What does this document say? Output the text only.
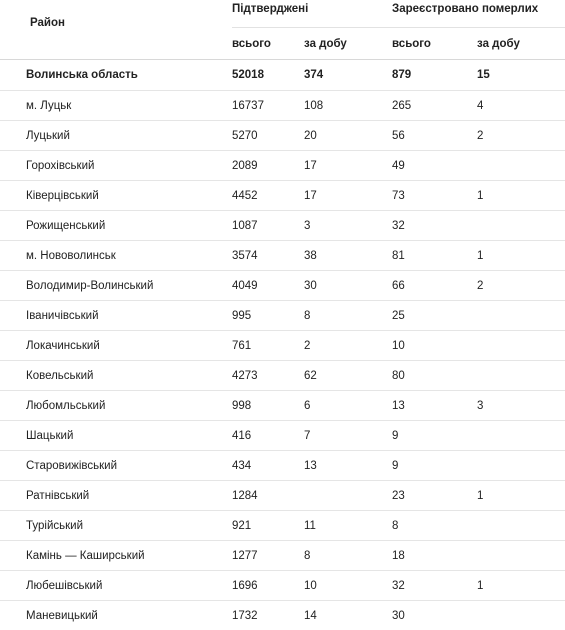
Район	Підтверджені		Зареєстровано померлих	
	всього	за добу	всього	за добу
Волинська область	52018	374	879	15
м. Луцьк	16737	108	265	4
Луцький	5270	20	56	2
Горохівський	2089	17	49	
Ківерцівський	4452	17	73	1
Рожищенський	1087	3	32	
м. Нововолинськ	3574	38	81	1
Володимир-Волинський	4049	30	66	2
Іваничівський	995	8	25	
Локачинський	761	2	10	
Ковельський	4273	62	80	
Любомльський	998	6	13	3
Шацький	416	7	9	
Старовижівський	434	13	9	
Ратнівський	1284		23	1
Турійський	921	11	8	
Камінь — Каширський	1277	8	18	
Любешівський	1696	10	32	1
Маневицький	1732	14	30	
